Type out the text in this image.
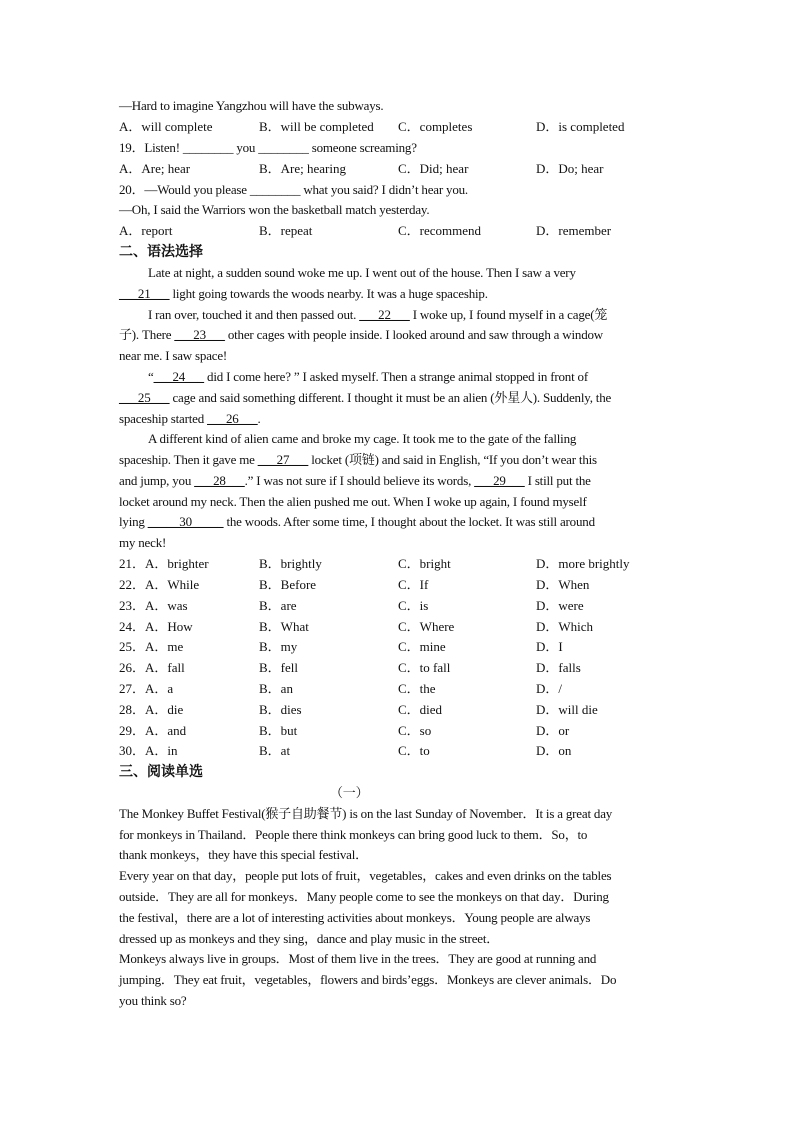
—Hard to imagine Yangzhou will have the subways.
A．will complete	B．will be completed C．completes	D．is completed
19．Listen! ________ you ________ someone screaming?
A．Are; hear	B．Are; hearing	C．Did; hear	D．Do; hear
20．—Would you please ________ what you said? I didn’t hear you.
—Oh, I said the Warriors won the basketball match yesterday.
A．report	B．repeat	C．recommend	D．remember
二、语法选择
Late at night, a sudden sound woke me up. I went out of the house. Then I saw a very
___21___ light going towards the woods nearby. It was a huge spaceship.
I ran over, touched it and then passed out. ___22___ I woke up, I found myself in a cage(笼
子). There ___23___ other cages with people inside. I looked around and saw through a window
near me. I saw space!
“___24___ did I come here? ” I asked myself. Then a strange animal stopped in front of
___25___ cage and said something different. I thought it must be an alien (外星人). Suddenly, the
spaceship started ___26___.
A different kind of alien came and broke my cage. It took me to the gate of the falling
spaceship. Then it gave me ___27___ locket (项链) and said in English, “If you don’t wear this
and jump, you ___28___.” I was not sure if I should believe its words, ___29___ I still put the
locket around my neck. Then the alien pushed me out. When I woke up again, I found myself
lying _____30_____ the woods. After some time, I thought about the locket. It was still around
my neck!
21．A．brighter	B．brightly	C．bright	D．more brightly
22．A．While	B．Before	C．If	D．When
23．A．was	B．are	C．is	D．were
24．A．How	B．What	C．Where	D．Which
25．A．me	B．my	C．mine	D．I
26．A．fall	B．fell	C．to fall	D．falls
27．A．a	B．an	C．the	D．/
28．A．die	B．dies	C．died	D．will die
29．A．and	B．but	C．so	D．or
30．A．in	B．at	C．to	D．on
三、阅读单选
（一）
The Monkey Buffet Festival(猴子自助餐节) is on the last Sunday of November．It is a great day
for monkeys in Thailand．People there think monkeys can bring good luck to them．So，to
thank monkeys，they have this special festival．
Every year on that day，people put lots of fruit，vegetables，cakes and even drinks on the tables
outside．They are all for monkeys．Many people come to see the monkeys on that day．During
the festival，there are a lot of interesting activities about monkeys．Young people are always
dressed up as monkeys and they sing，dance and play music in the street．
Monkeys always live in groups．Most of them live in the trees．They are good at running and
jumping．They eat fruit，vegetables，flowers and birds’eggs．Monkeys are clever animals．Do
you think so?
